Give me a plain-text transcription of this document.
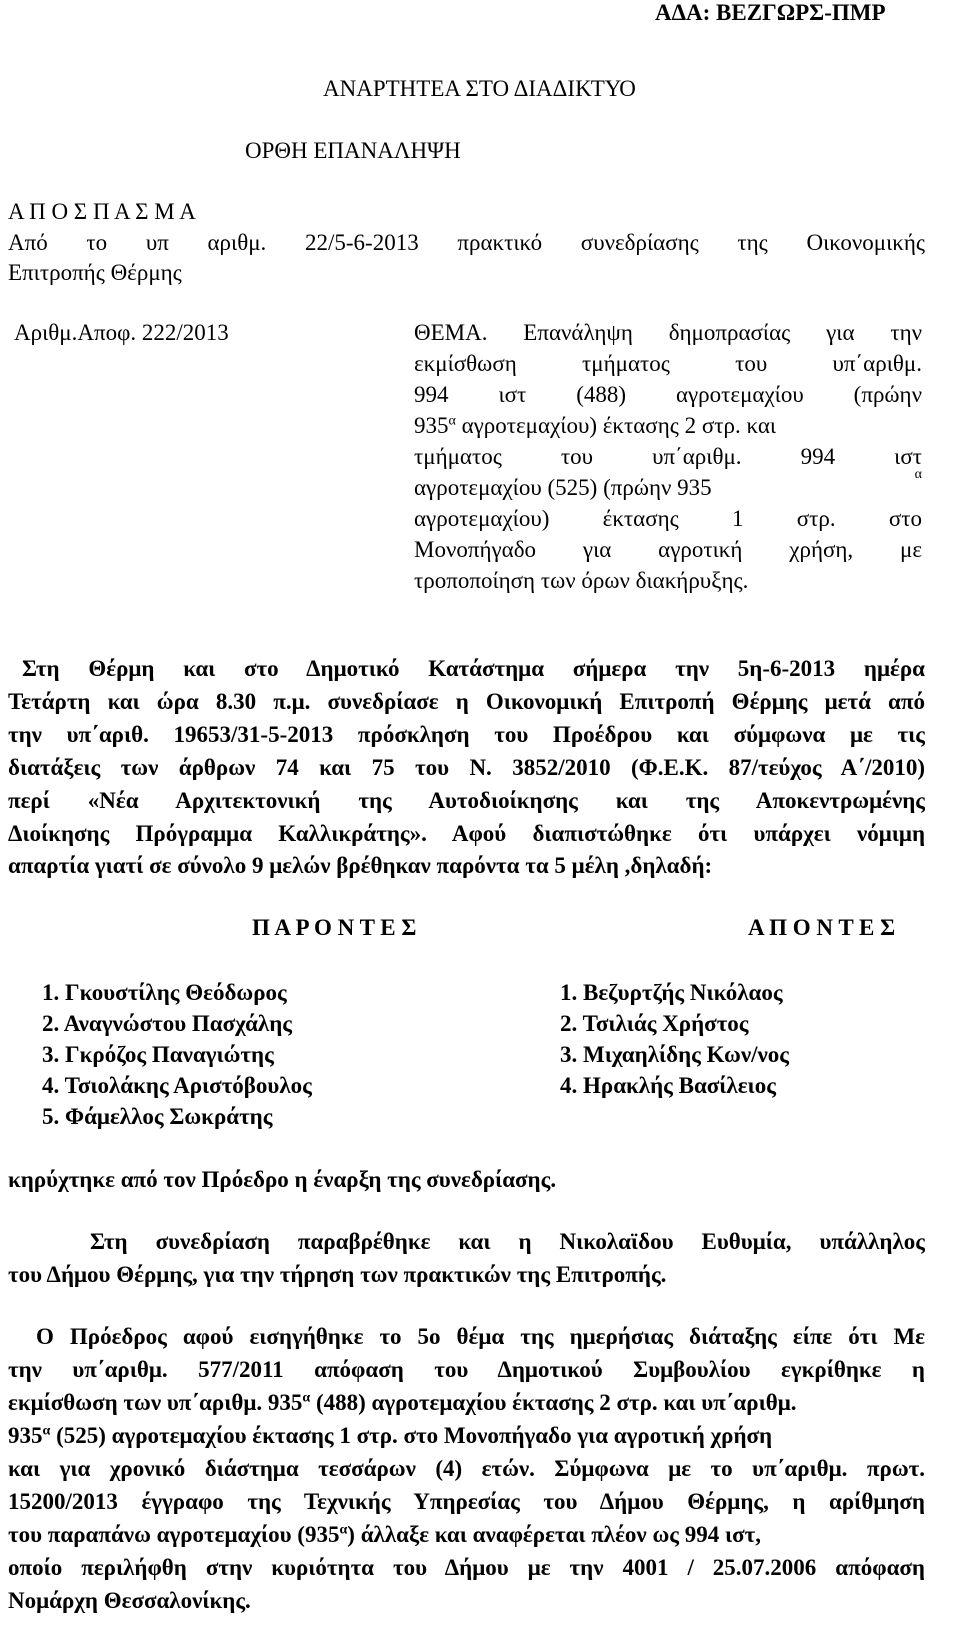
ΑΔΑ: ΒΕΖΓΩΡΣ-ΠΜΡ
ΑΝΑΡΤΗΤΕΑ ΣΤΟ ΔΙΑΔΙΚΤΥΟ
ΟΡΘΗ ΕΠΑΝΑΛΗΨΗ
Α Π Ο Σ Π Α Σ Μ Α
Από το υπ αριθμ. 22/5-6-2013 πρακτικό συνεδρίασης της Οικονομικής
Επιτροπής Θέρμης
Αριθμ.Αποφ. 222/2013	ΘΕΜΑ. Επανάληψη δημοπρασίας για την
εκμίσθωση τμήματος του υπ΄αριθμ.
994 ιστ (488) αγροτεμαχίου (πρώην
$935^\alpha$ αγροτεμαχίου) έκτασης 2 στρ. και
τμήματος του υπ΄αριθμ. 994 ιστ
αγροτεμαχίου (525) (πρώην 935
α
αγροτεμαχίου) έκτασης 1 στρ. στο
Μονοπήγαδο για αγροτική χρήση, με
τροποποίηση των όρων διακήρυξης.
Στη Θέρμη και στο Δημοτικό Κατάστημα σήμερα την 5η-6-2013 ημέρα
Τετάρτη και ώρα 8.30 π.μ. συνεδρίασε η Οικονομική Επιτροπή Θέρμης μετά από
την υπ΄αριθ. 19653/31-5-2013 πρόσκληση του Προέδρου και σύμφωνα με τις
διατάξεις των άρθρων 74 και 75 του Ν. 3852/2010 (Φ.Ε.Κ. 87/τεύχος Α΄/2010)
περί «Νέα Αρχιτεκτονική της Αυτοδιοίκησης και της Αποκεντρωμένης
Διοίκησης Πρόγραμμα Καλλικράτης». Αφού διαπιστώθηκε ότι υπάρχει νόμιμη
απαρτία γιατί σε σύνολο 9 μελών βρέθηκαν παρόντα τα 5 μέλη ,δηλαδή:
Π Α Ρ Ο Ν Τ Ε Σ	Α Π Ο Ν Τ Ε Σ
1. Γκουστίλης Θεόδωρος
2. Αναγνώστου Πασχάλης
3. Γκρόζος Παναγιώτης
4. Τσιολάκης Αριστόβουλος
5. Φάμελλος Σωκράτης
1. Βεζυρτζής Νικόλαος
2. Τσιλιάς Χρήστος
3. Μιχαηλίδης Κων/νος
4. Ηρακλής Βασίλειος
κηρύχτηκε από τον Πρόεδρο η έναρξη της συνεδρίασης.
Στη συνεδρίαση παραβρέθηκε και η Νικολαϊδου Ευθυμία, υπάλληλος
του Δήμου Θέρμης, για την τήρηση των πρακτικών της Επιτροπής.
Ο Πρόεδρος αφού εισηγήθηκε το 5ο θέμα της ημερήσιας διάταξης είπε ότι Με
την υπ΄αριθμ. 577/2011 απόφαση του Δημοτικού Συμβουλίου εγκρίθηκε η
εκμίσθωση των υπ΄αριθμ. $935^\alpha$ (488) αγροτεμαχίου έκτασης 2 στρ. και υπ΄αριθμ.
$935^\alpha$ (525) αγροτεμαχίου έκτασης 1 στρ. στο Μονοπήγαδο για αγροτική χρήση
και για χρονικό διάστημα τεσσάρων (4) ετών. Σύμφωνα με το υπ΄αριθμ. πρωτ.
15200/2013 έγγραφο της Τεχνικής Υπηρεσίας του Δήμου Θέρμης, η αρίθμηση
του παραπάνω αγροτεμαχίου $(935^\alpha)$ άλλαξε και αναφέρεται πλέον ως 994 ιστ,
οποίο περιλήφθη στην κυριότητα του Δήμου με την 4001 / 25.07.2006 απόφαση
Νομάρχη Θεσσαλονίκης.
